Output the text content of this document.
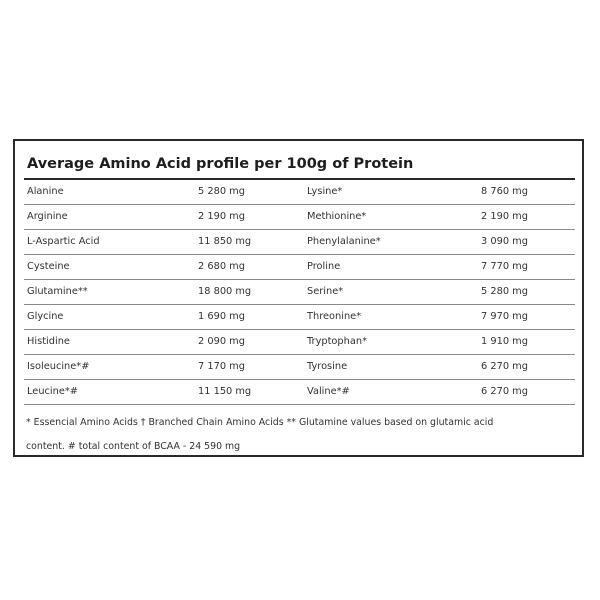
Average Amino Acid profile per 100g of Protein
Alanine	5 280 mg	Lysine*	8 760 mg
Arginine	2 190 mg	Methionine*	2 190 mg
L-Aspartic Acid	11 850 mg	Phenylalanine*	3 090 mg
Cysteine	2 680 mg	Proline	7 770 mg
Glutamine**	18 800 mg	Serine*	5 280 mg
Glycine	1 690 mg	Threonine*	7 970 mg
Histidine	2 090 mg	Tryptophan*	1 910 mg
Isoleucine*#	7 170 mg	Tyrosine	6 270 mg
Leucine*#	11 150 mg	Valine*#	6 270 mg
* Essencial Amino Acids † Branched Chain Amino Acids ** Glutamine values based on glutamic acid
content. # total content of BCAA - 24 590 mg
